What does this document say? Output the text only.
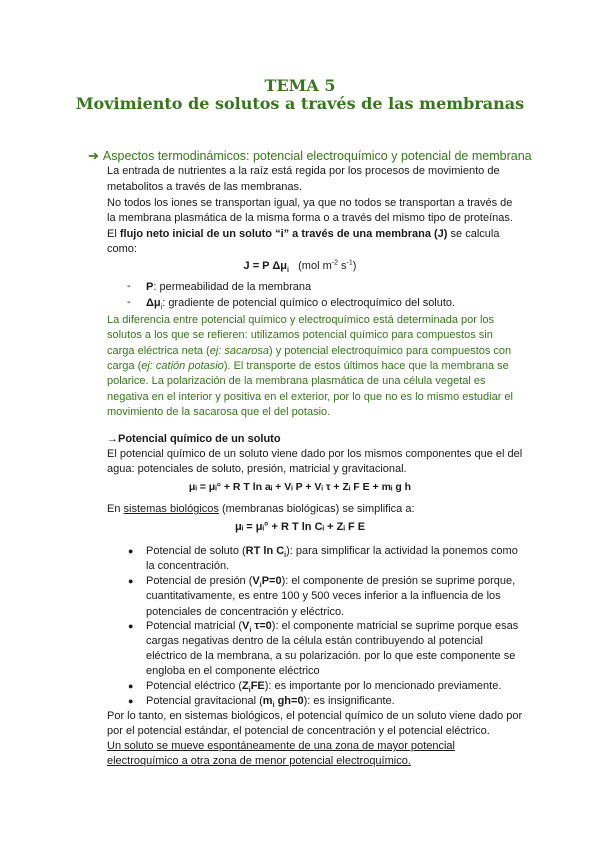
TEMA 5
Movimiento de solutos a través de las membranas
➔ Aspectos termodinámicos: potencial electroquímico y potencial de membrana
La entrada de nutrientes a la raíz está regida por los procesos de movimiento de
metabolitos a través de las membranas.
No todos los iones se transportan igual, ya que no todos se transportan a través de
la membrana plasmática de la misma forma o a través del mismo tipo de proteínas.
El flujo neto inicial de un soluto “i” a través de una membrana (J) se calcula
como:
J = P $\Delta\mu_i$ (mol $m^{-2}$ $s^{-1}$)
- P: permeabilidad de la membrana
- $\Delta\mu_i$: gradiente de potencial químico o electroquímico del soluto.
La diferencia entre potencial químico y electroquímico está determinada por los
solutos a los que se refieren: utilizamos potencial químico para compuestos sin
carga eléctrica neta (ej: sacarosa) y potencial electroquímico para compuestos con
carga (ej: catión potasio). El transporte de estos últimos hace que la membrana se
polarice. La polarización de la membrana plasmática de una célula vegetal es
negativa en el interior y positiva en el exterior, por lo que no es lo mismo estudiar el
movimiento de la sacarosa que el del potasio.
→Potencial químico de un soluto
El potencial químico de un soluto viene dado por los mismos componentes que el del
agua: potenciales de soluto, presión, matricial y gravitacional.
μᵢ = μᵢ° + R T ln aᵢ + Vᵢ P + Vᵢ τ + Zᵢ F E + mᵢ g h
En sistemas biológicos (membranas biológicas) se simplifica a:
μᵢ = μᵢ° + R T ln Cᵢ + Zᵢ F E
● Potencial de soluto (RT $\ln C_i$): para simplificar la actividad la ponemos como
la concentración.
● Potencial de presión $(V_iP=0)$: el componente de presión se suprime porque,
cuantitativamente, es entre 100 y 500 veces inferior a la influencia de los
potenciales de concentración y eléctrico.
● Potencial matricial ($V_i$ τ=0): el componente matricial se suprime porque esas
cargas negativas dentro de la célula están contribuyendo al potencial
eléctrico de la membrana, a su polarización. por lo que este componente se
engloba en el componente eléctrico
● Potencial eléctrico $(Z_iFE)$: es importante por lo mencionado previamente.
● Potencial gravitacional ($m_i$ gh=0): es insignificante.
Por lo tanto, en sistemas biológicos, el potencial químico de un soluto viene dado por
por el potencial estándar, el potencial de concentración y el potencial eléctrico.
Un soluto se mueve espontáneamente de una zona de mayor potencial
electroquímico a otra zona de menor potencial electroquímico.
